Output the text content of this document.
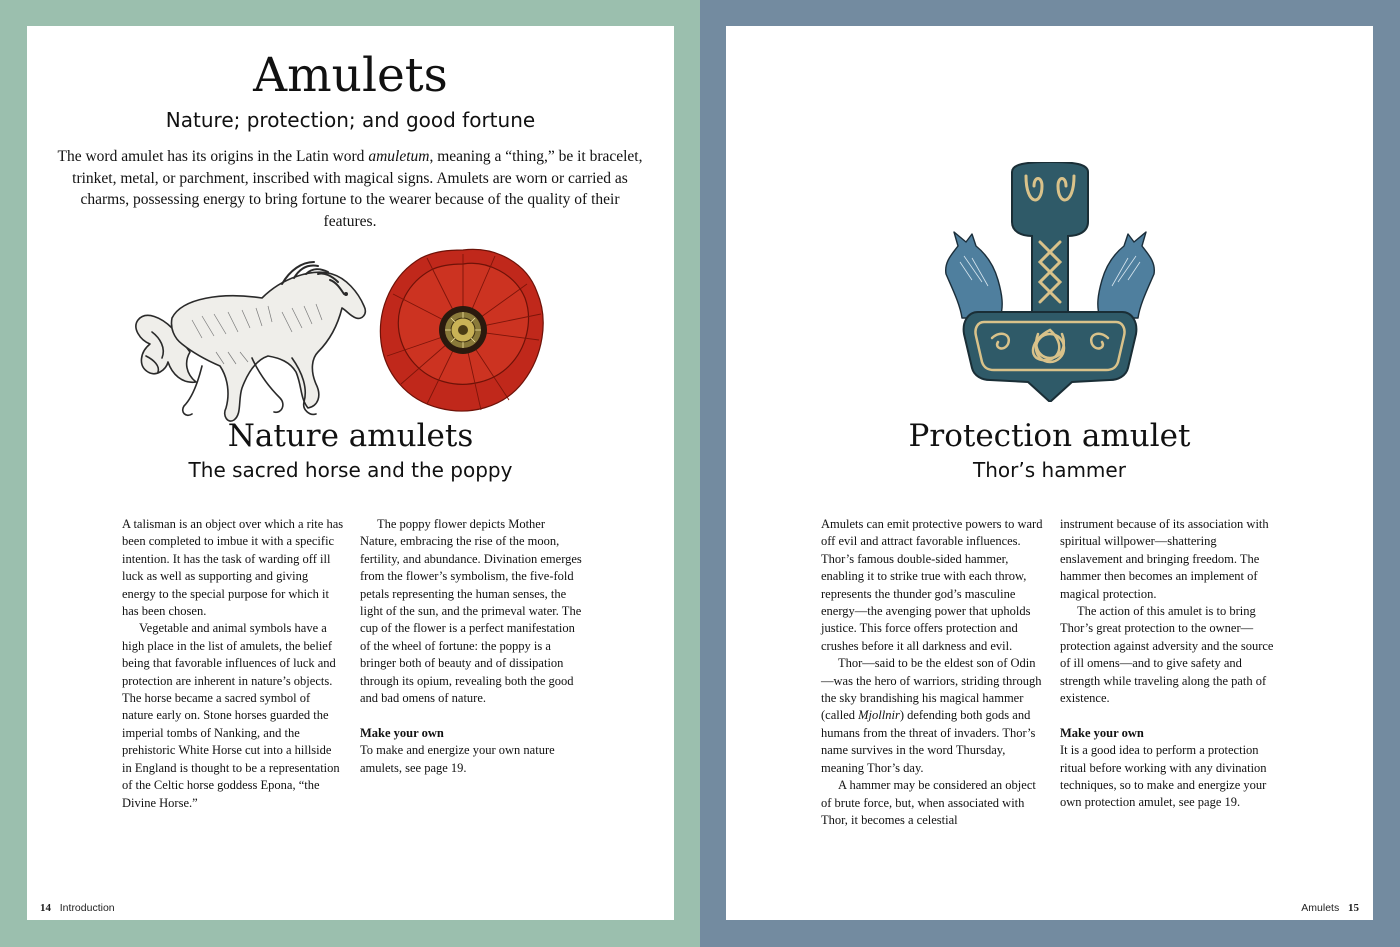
Amulets
Nature; protection; and good fortune

The word amulet has its origins in the Latin word amuletum, meaning a “thing,” be it bracelet, trinket, metal, or parchment, inscribed with magical signs. Amulets are worn or carried as charms, possessing energy to bring fortune to the wearer because of the quality of their features.

Nature amulets
The sacred horse and the poppy

A talisman is an object over which a rite has been completed to imbue it with a specific intention. It has the task of warding off ill luck as well as supporting and giving energy to the special purpose for which it has been chosen.

Vegetable and animal symbols have a high place in the list of amulets, the belief being that favorable influences of luck and protection are inherent in nature’s objects. The horse became a sacred symbol of nature early on. Stone horses guarded the imperial tombs of Nanking, and the prehistoric White Horse cut into a hillside in England is thought to be a representation of the Celtic horse goddess Epona, “the Divine Horse.”

The poppy flower depicts Mother Nature, embracing the rise of the moon, fertility, and abundance. Divination emerges from the flower’s symbolism, the five-fold petals representing the human senses, the light of the sun, and the primeval water. The cup of the flower is a perfect manifestation of the wheel of fortune: the poppy is a bringer both of beauty and of dissipation through its opium, revealing both the good and bad omens of nature.

Make your own

To make and energize your own nature amulets, see page 19.

14 Introduction
Protection amulet
Thor’s hammer

Amulets can emit protective powers to ward off evil and attract favorable influences. Thor’s famous double-sided hammer, enabling it to strike true with each throw, represents the thunder god’s masculine energy—the avenging power that upholds justice. This force offers protection and crushes before it all darkness and evil.

Thor—said to be the eldest son of Odin—was the hero of warriors, striding through the sky brandishing his magical hammer (called Mjollnir) defending both gods and humans from the threat of invaders. Thor’s name survives in the word Thursday, meaning Thor’s day.

A hammer may be considered an object of brute force, but, when associated with Thor, it becomes a celestial

instrument because of its association with spiritual willpower—shattering enslavement and bringing freedom. The hammer then becomes an implement of magical protection.

The action of this amulet is to bring Thor’s great protection to the owner—protection against adversity and the source of ill omens—and to give safety and strength while traveling along the path of existence.

Make your own

It is a good idea to perform a protection ritual before working with any divination techniques, so to make and energize your own protection amulet, see page 19.

Amulets 15
